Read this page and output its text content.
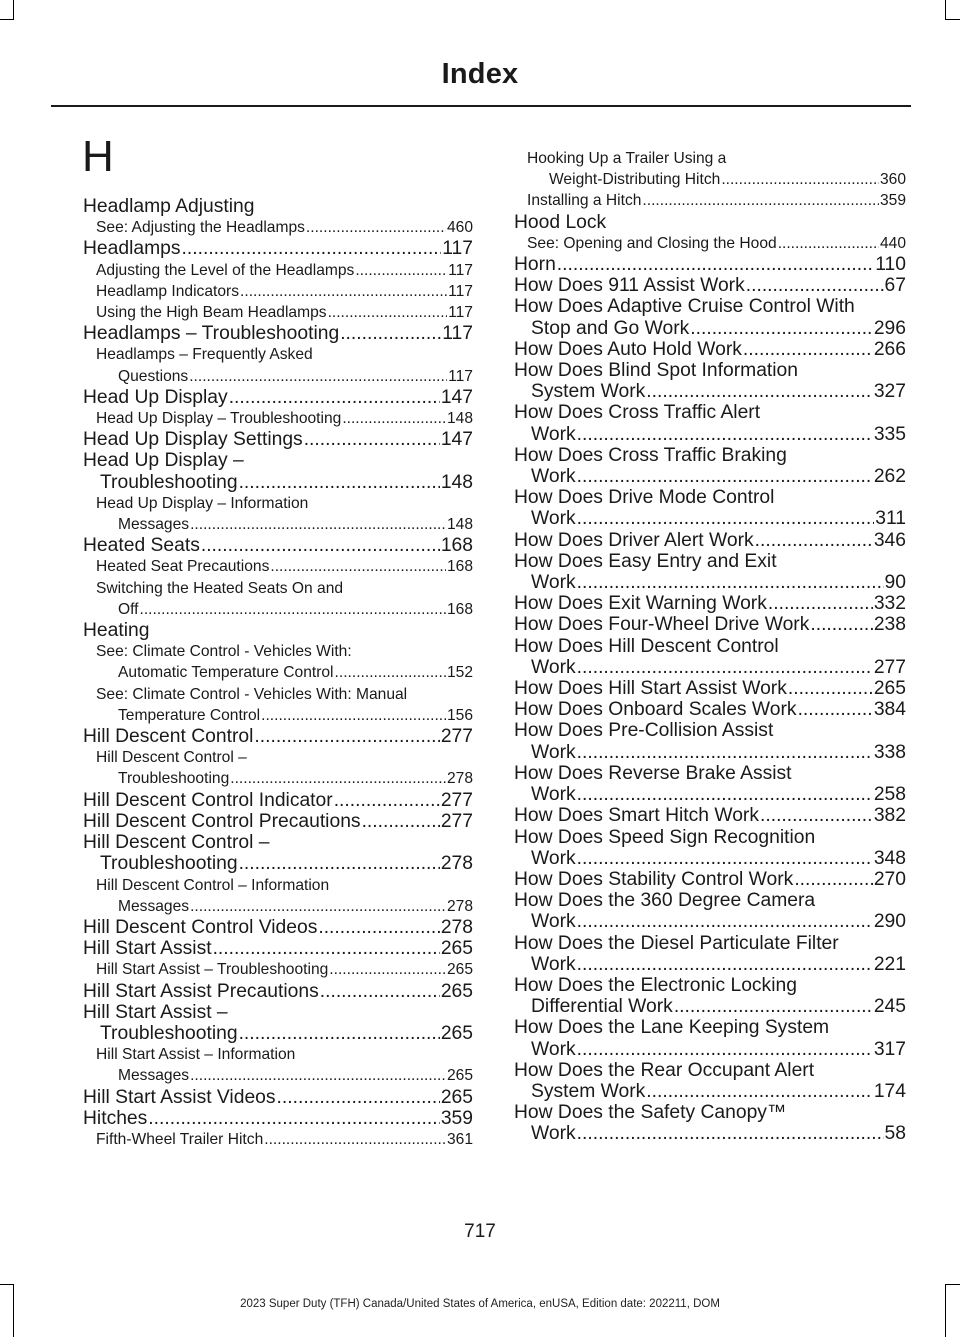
Index
H
Headlamp Adjusting
See: Adjusting the Headlamps .....	460
Headlamps .....	117
Adjusting the Level of the Headlamps .....	117
Headlamp Indicators .....	117
Using the High Beam Headlamps .....	117
Headlamps – Troubleshooting .....	117
Headlamps – Frequently Asked
Questions .....	117
Head Up Display .....	147
Head Up Display – Troubleshooting .....	148
Head Up Display Settings .....	147
Head Up Display –
Troubleshooting .....	148
Head Up Display – Information
Messages .....	148
Heated Seats .....	168
Heated Seat Precautions .....	168
Switching the Heated Seats On and
Off .....	168
Heating
See: Climate Control - Vehicles With:
Automatic Temperature Control .....	152
See: Climate Control - Vehicles With: Manual
Temperature Control .....	156
Hill Descent Control .....	277
Hill Descent Control –
Troubleshooting .....	278
Hill Descent Control Indicator .....	277
Hill Descent Control Precautions .....	277
Hill Descent Control –
Troubleshooting .....	278
Hill Descent Control – Information
Messages .....	278
Hill Descent Control Videos .....	278
Hill Start Assist .....	265
Hill Start Assist – Troubleshooting .....	265
Hill Start Assist Precautions .....	265
Hill Start Assist –
Troubleshooting .....	265
Hill Start Assist – Information
Messages .....	265
Hill Start Assist Videos .....	265
Hitches .....	359
Fifth-Wheel Trailer Hitch .....	361
Hooking Up a Trailer Using a
Weight-Distributing Hitch .....	360
Installing a Hitch .....	359
Hood Lock
See: Opening and Closing the Hood .....	440
Horn .....	110
How Does 911 Assist Work .....	67
How Does Adaptive Cruise Control With
Stop and Go Work .....	296
How Does Auto Hold Work .....	266
How Does Blind Spot Information
System Work .....	327
How Does Cross Traffic Alert
Work .....	335
How Does Cross Traffic Braking
Work .....	262
How Does Drive Mode Control
Work .....	311
How Does Driver Alert Work .....	346
How Does Easy Entry and Exit
Work .....	90
How Does Exit Warning Work .....	332
How Does Four-Wheel Drive Work .....	238
How Does Hill Descent Control
Work .....	277
How Does Hill Start Assist Work .....	265
How Does Onboard Scales Work .....	384
How Does Pre-Collision Assist
Work .....	338
How Does Reverse Brake Assist
Work .....	258
How Does Smart Hitch Work .....	382
How Does Speed Sign Recognition
Work .....	348
How Does Stability Control Work .....	270
How Does the 360 Degree Camera
Work .....	290
How Does the Diesel Particulate Filter
Work .....	221
How Does the Electronic Locking
Differential Work .....	245
How Does the Lane Keeping System
Work .....	317
How Does the Rear Occupant Alert
System Work .....	174
How Does the Safety Canopy™
Work .....	58
717
2023 Super Duty (TFH) Canada/United States of America, enUSA, Edition date: 202211, DOM
